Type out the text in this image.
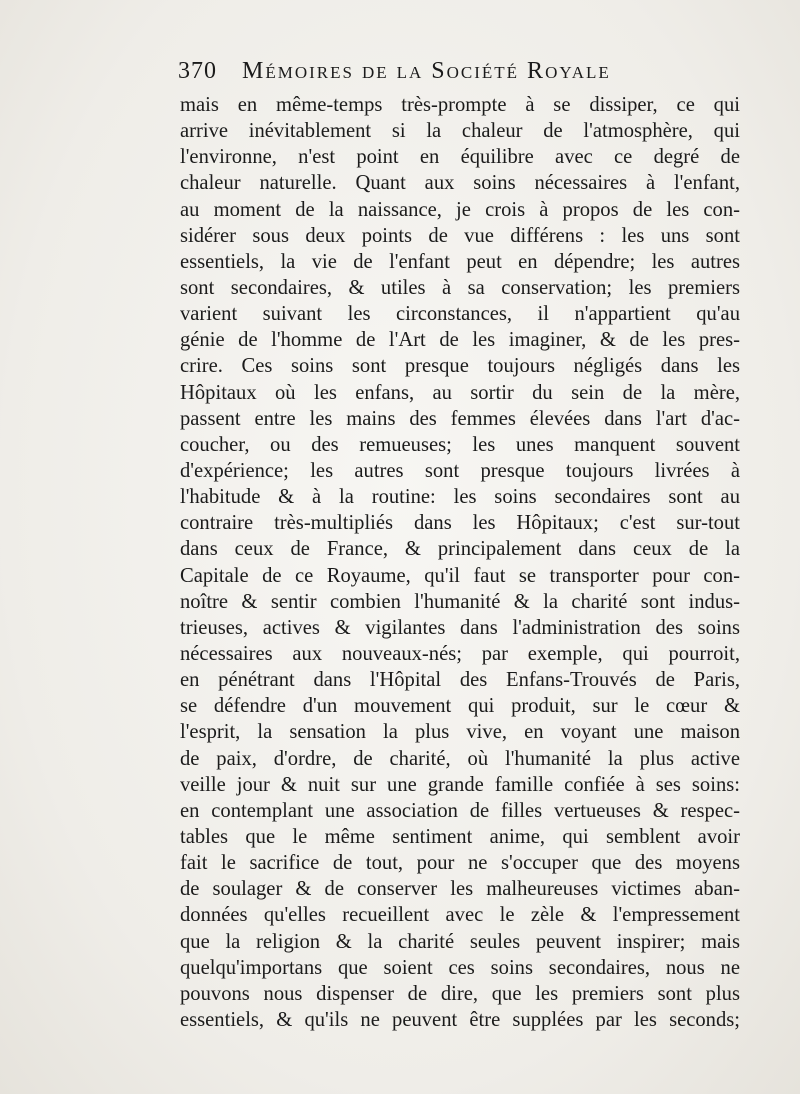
370 Mémoires de la Société Royale
mais en même-temps très-prompte à se dissiper, ce qui
arrive inévitablement si la chaleur de l'atmosphère, qui
l'environne, n'est point en équilibre avec ce degré de
chaleur naturelle. Quant aux soins nécessaires à l'enfant,
au moment de la naissance, je crois à propos de les con-
sidérer sous deux points de vue différens : les uns sont
essentiels, la vie de l'enfant peut en dépendre; les autres
sont secondaires, & utiles à sa conservation; les premiers
varient suivant les circonstances, il n'appartient qu'au
génie de l'homme de l'Art de les imaginer, & de les pres-
crire. Ces soins sont presque toujours négligés dans les
Hôpitaux où les enfans, au sortir du sein de la mère,
passent entre les mains des femmes élevées dans l'art d'ac-
coucher, ou des remueuses; les unes manquent souvent
d'expérience; les autres sont presque toujours livrées à
l'habitude & à la routine: les soins secondaires sont au
contraire très-multipliés dans les Hôpitaux; c'est sur-tout
dans ceux de France, & principalement dans ceux de la
Capitale de ce Royaume, qu'il faut se transporter pour con-
noître & sentir combien l'humanité & la charité sont indus-
trieuses, actives & vigilantes dans l'administration des soins
nécessaires aux nouveaux-nés; par exemple, qui pourroit,
en pénétrant dans l'Hôpital des Enfans-Trouvés de Paris,
se défendre d'un mouvement qui produit, sur le cœur &
l'esprit, la sensation la plus vive, en voyant une maison
de paix, d'ordre, de charité, où l'humanité la plus active
veille jour & nuit sur une grande famille confiée à ses soins:
en contemplant une association de filles vertueuses & respec-
tables que le même sentiment anime, qui semblent avoir
fait le sacrifice de tout, pour ne s'occuper que des moyens
de soulager & de conserver les malheureuses victimes aban-
données qu'elles recueillent avec le zèle & l'empressement
que la religion & la charité seules peuvent inspirer; mais
quelqu'importans que soient ces soins secondaires, nous ne
pouvons nous dispenser de dire, que les premiers sont plus
essentiels, & qu'ils ne peuvent être supplées par les seconds;
